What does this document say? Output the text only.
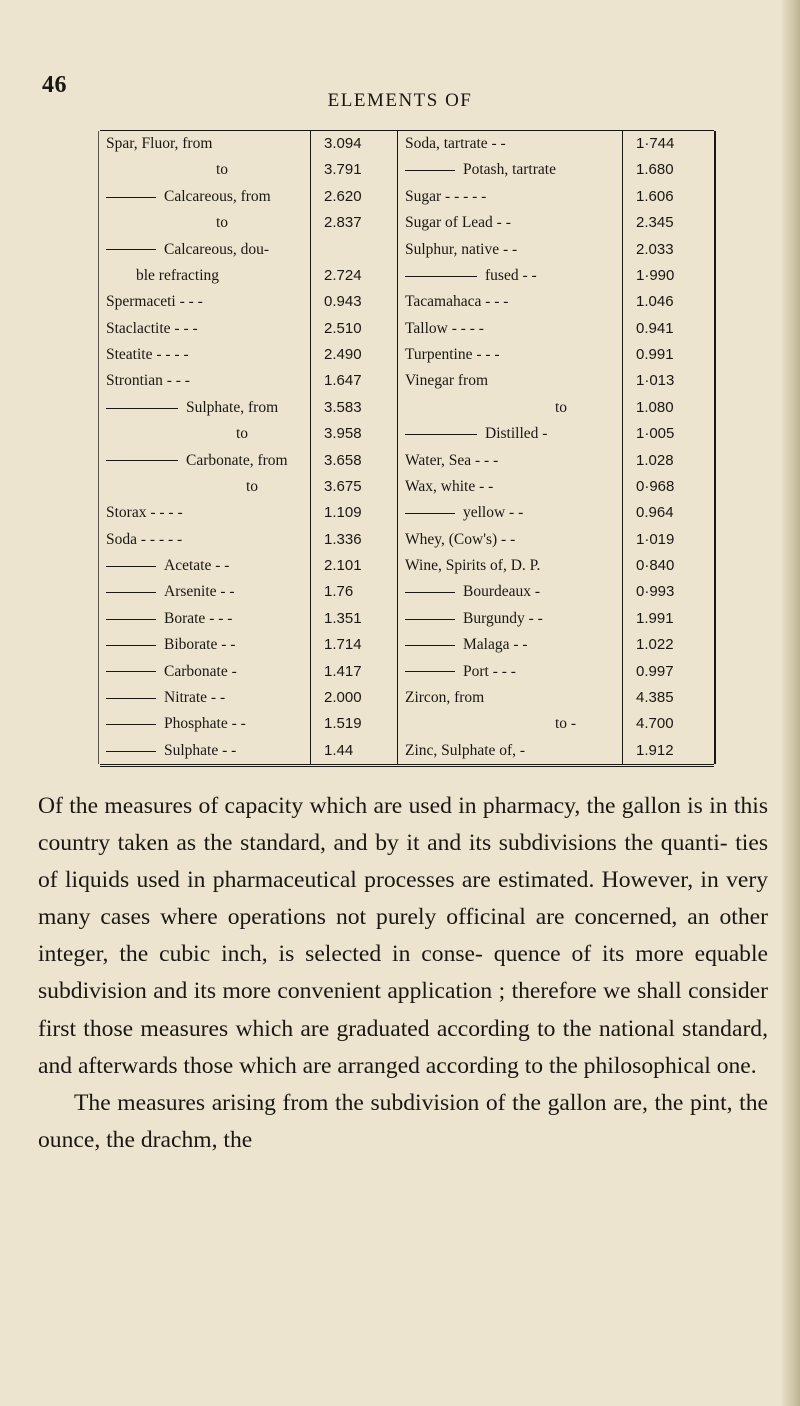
46
ELEMENTS OF
Spar, Fluor, from
to
Calcareous, from
to
Calcareous, dou-
ble refracting
Spermaceti - - -
Staclactite - - -
Steatite - - - -
Strontian - - -
Sulphate, from
to
Carbonate, from
to
Storax - - - -
Soda - - - - -
Acetate - -
Arsenite - -
Borate - - -
Biborate - -
Carbonate -
Nitrate - -
Phosphate - -
Sulphate - -
3.094
3.791
2.620
2.837
2.724
0.943
2.510
2.490
1.647
3.583
3.958
3.658
3.675
1.109
1.336
2.101
1.76
1.351
1.714
1.417
2.000
1.519
1.44
Soda, tartrate - -
Potash, tartrate
Sugar - - - - -
Sugar of Lead - -
Sulphur, native - -
fused - -
Tacamahaca - - -
Tallow - - - -
Turpentine - - -
Vinegar from
to
Distilled -
Water, Sea - - -
Wax, white - -
yellow - -
Whey, (Cow's) - -
Wine, Spirits of, D. P.
Bourdeaux -
Burgundy - -
Malaga - -
Port - - -
Zircon, from
to -
Zinc, Sulphate of, -
1·744
1.680
1.606
2.345
2.033
1·990
1.046
0.941
0.991
1·013
1.080
1·005
1.028
0·968
0.964
1·019
0·840
0·993
1.991
1.022
0.997
4.385
4.700
1.912

Of the measures of capacity which are used in pharmacy, the gallon is in this country taken as the standard, and by it and its subdivisions the quanti- ties of liquids used in pharmaceutical processes are estimated. However, in very many cases where operations not purely officinal are concerned, an other integer, the cubic inch, is selected in conse- quence of its more equable subdivision and its more convenient application ; therefore we shall consider first those measures which are graduated according to the national standard, and afterwards those which are arranged according to the philosophical one.

The measures arising from the subdivision of the gallon are, the pint, the ounce, the drachm, the
